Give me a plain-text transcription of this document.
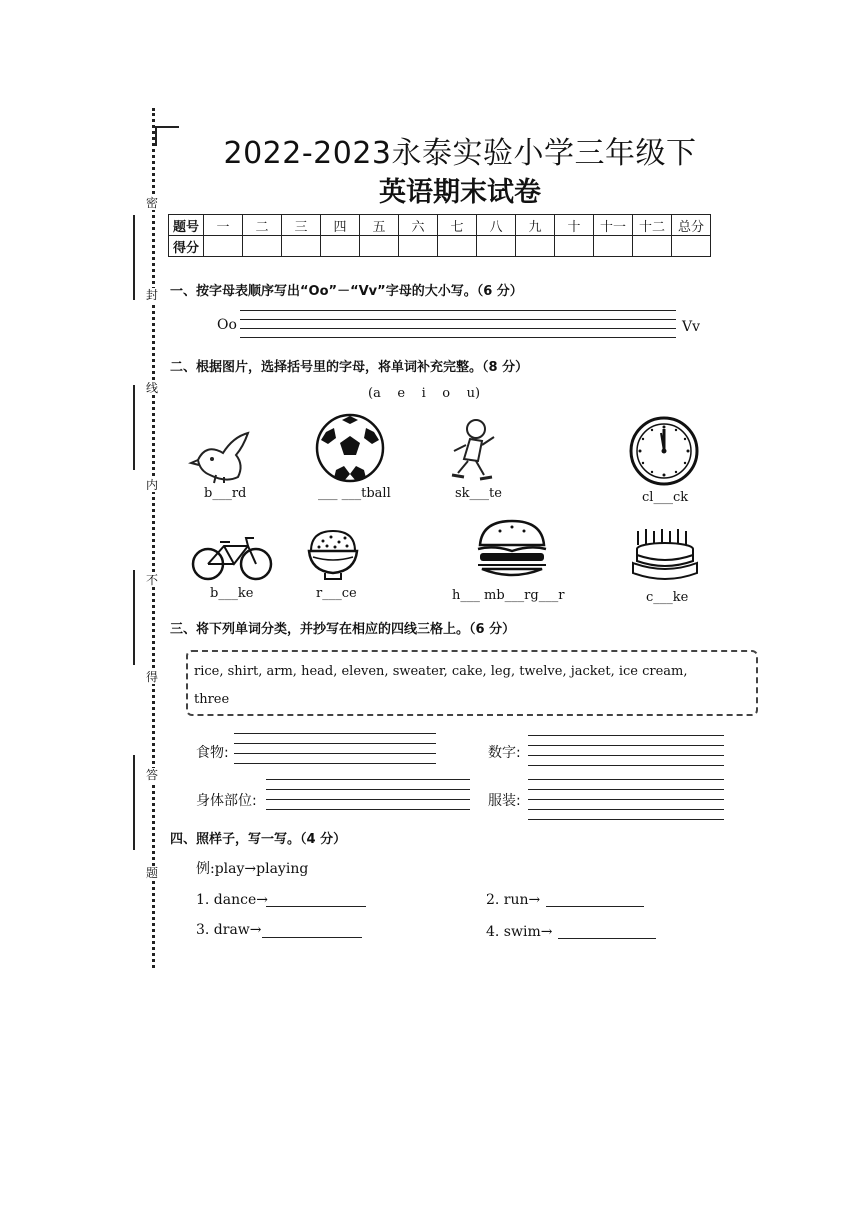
密
封
线
内
不
得
答
题
2022-2023永泰实验小学三年级下
英语期末试卷
题号	一	二	三	四	五	六	七	八	九	十	十一	十二	总分
得分													
一、按字母表顺序写出“Oo”－“Vv”字母的大小写。（6 分）
Oo	Vv
二、根据图片，选择括号里的字母，将单词补充完整。（8 分）
(a    e    i    o    u)
b___rd	___ ___tball	sk___te	cl___ck
b___ke	r___ce	h___ mb___rg___r	c___ke
三、将下列单词分类，并抄写在相应的四线三格上。（6 分）
rice, shirt, arm, head, eleven, sweater, cake, leg, twelve, jacket, ice cream,
three
食物:	数字:
身体部位:	服装:
四、照样子，写一写。（4 分）
例:play→playing
1. dance→	2. run→
3. draw→	4. swim→
